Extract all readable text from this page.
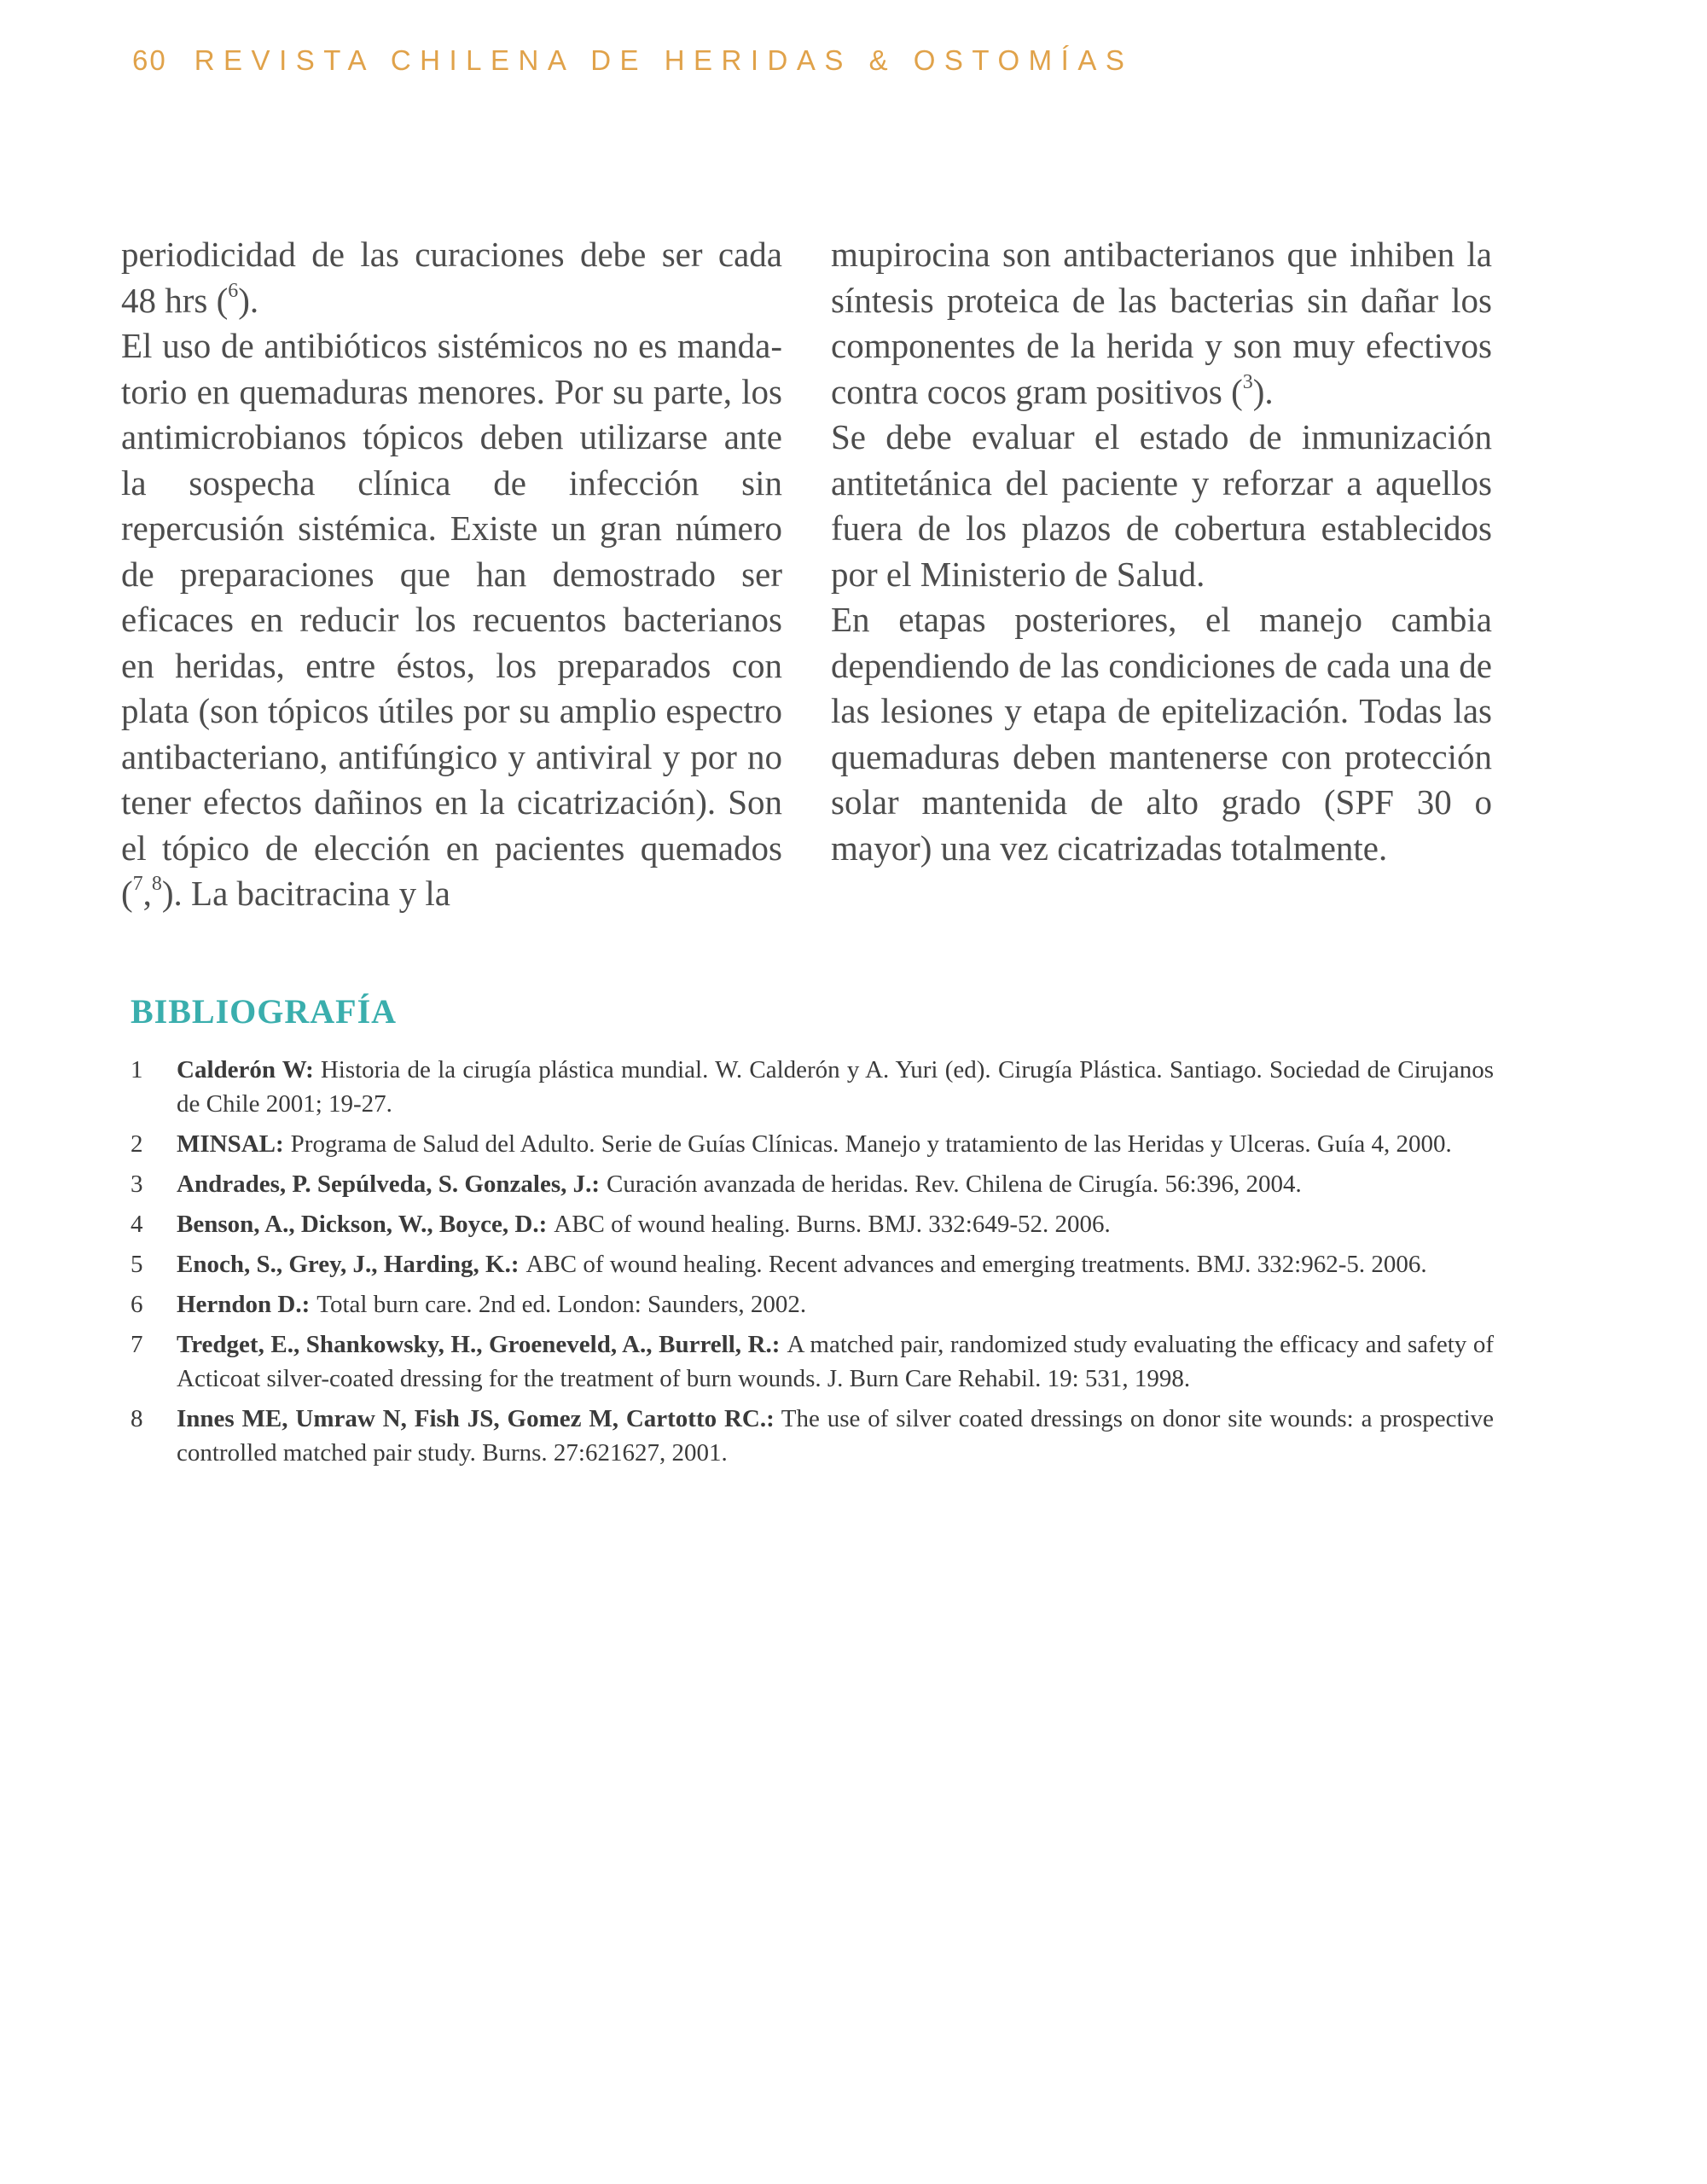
60 REVISTA CHILENA DE HERIDAS & OSTOMÍAS

periodicidad de las curaciones debe ser cada 48 hrs ($^6$).

El uso de antibióticos sistémicos no es mandatorio en quemaduras menores. Por su parte, los antimicrobianos tópicos deben utilizarse ante la sospecha clínica de infección sin repercusión sistémica. Existe un gran número de preparaciones que han demostrado ser eficaces en reducir los recuentos bacterianos en heridas, entre éstos, los preparados con plata (son tópicos útiles por su amplio espectro antibacteriano, antifúngico y antiviral y por no tener efectos dañinos en la cicatrización). Son el tópico de elección en pacientes quemados ($^7$,$^8$). La bacitracina y la

mupirocina son antibacterianos que inhiben la síntesis proteica de las bacterias sin dañar los componentes de la herida y son muy efectivos contra cocos gram positivos ($^3$).

Se debe evaluar el estado de inmunización antitetánica del paciente y reforzar a aquellos fuera de los plazos de cobertura establecidos por el Ministerio de Salud.

En etapas posteriores, el manejo cambia dependiendo de las condiciones de cada una de las lesiones y etapa de epitelización. Todas las quemaduras deben mantenerse con protección solar mantenida de alto grado (SPF 30 o mayor) una vez cicatrizadas totalmente.

BIBLIOGRAFÍA
1	Calderón W: Historia de la cirugía plástica mundial. W. Calderón y A. Yuri (ed). Cirugía Plástica. Santiago. Sociedad de Cirujanos de Chile 2001; 19-27.
2	MINSAL: Programa de Salud del Adulto. Serie de Guías Clínicas. Manejo y tratamiento de las Heridas y Ulceras. Guía 4, 2000.
3	Andrades, P. Sepúlveda, S. Gonzales, J.: Curación avanzada de heridas. Rev. Chilena de Cirugía. 56:396, 2004.
4	Benson, A., Dickson, W., Boyce, D.: ABC of wound healing. Burns. BMJ. 332:649-52. 2006.
5	Enoch, S., Grey, J., Harding, K.: ABC of wound healing. Recent advances and emerging treatments. BMJ. 332:962-5. 2006.
6	Herndon D.: Total burn care. 2nd ed. London: Saunders, 2002.
7	Tredget, E., Shankowsky, H., Groeneveld, A., Burrell, R.: A matched pair, randomized study evaluating the efficacy and safety of Acticoat silver-coated dressing for the treatment of burn wounds. J. Burn Care Rehabil. 19: 531, 1998.
8	Innes ME, Umraw N, Fish JS, Gomez M, Cartotto RC.: The use of silver coated dressings on donor site wounds: a prospective controlled matched pair study. Burns. 27:621627, 2001.
